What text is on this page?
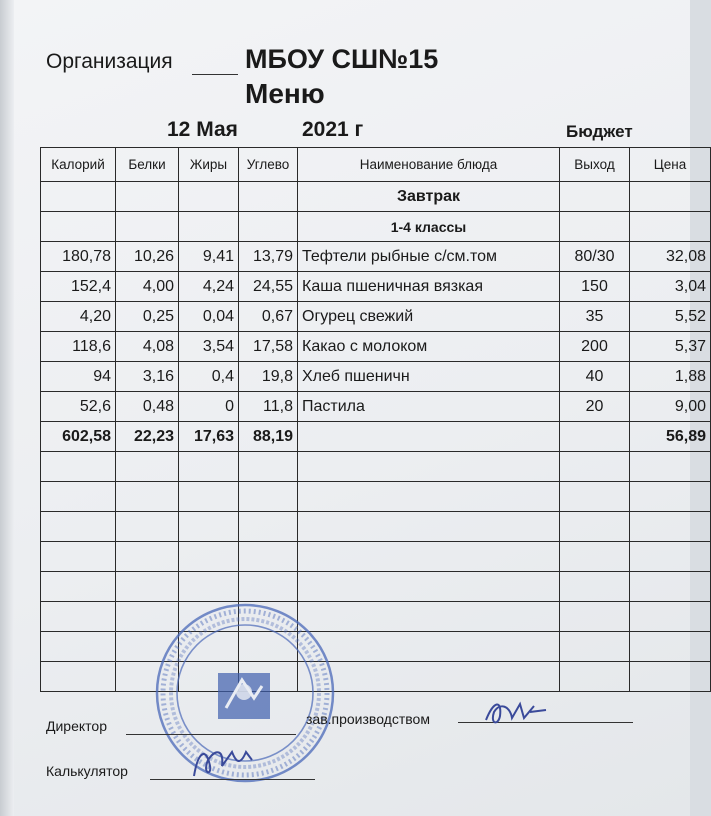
Организация	МБОУ СШ№15
Меню
12 Мая	2021 г	Бюджет
Калорий	Белки	Жиры	Углево	Наименование блюда	Выход	Цена
				Завтрак		
				1-4 классы		
180,78	10,26	9,41	13,79	Тефтели рыбные с/см.том	80/30	32,08
152,4	4,00	4,24	24,55	Каша пшеничная вязкая	150	3,04
4,20	0,25	0,04	0,67	Огурец свежий	35	5,52
118,6	4,08	3,54	17,58	Какао с молоком	200	5,37
94	3,16	0,4	19,8	Хлеб пшеничн	40	1,88
52,6	0,48	0	11,8	Пастила	20	9,00
602,58	22,23	17,63	88,19			56,89

Директор	зав.производством
Калькулятор
